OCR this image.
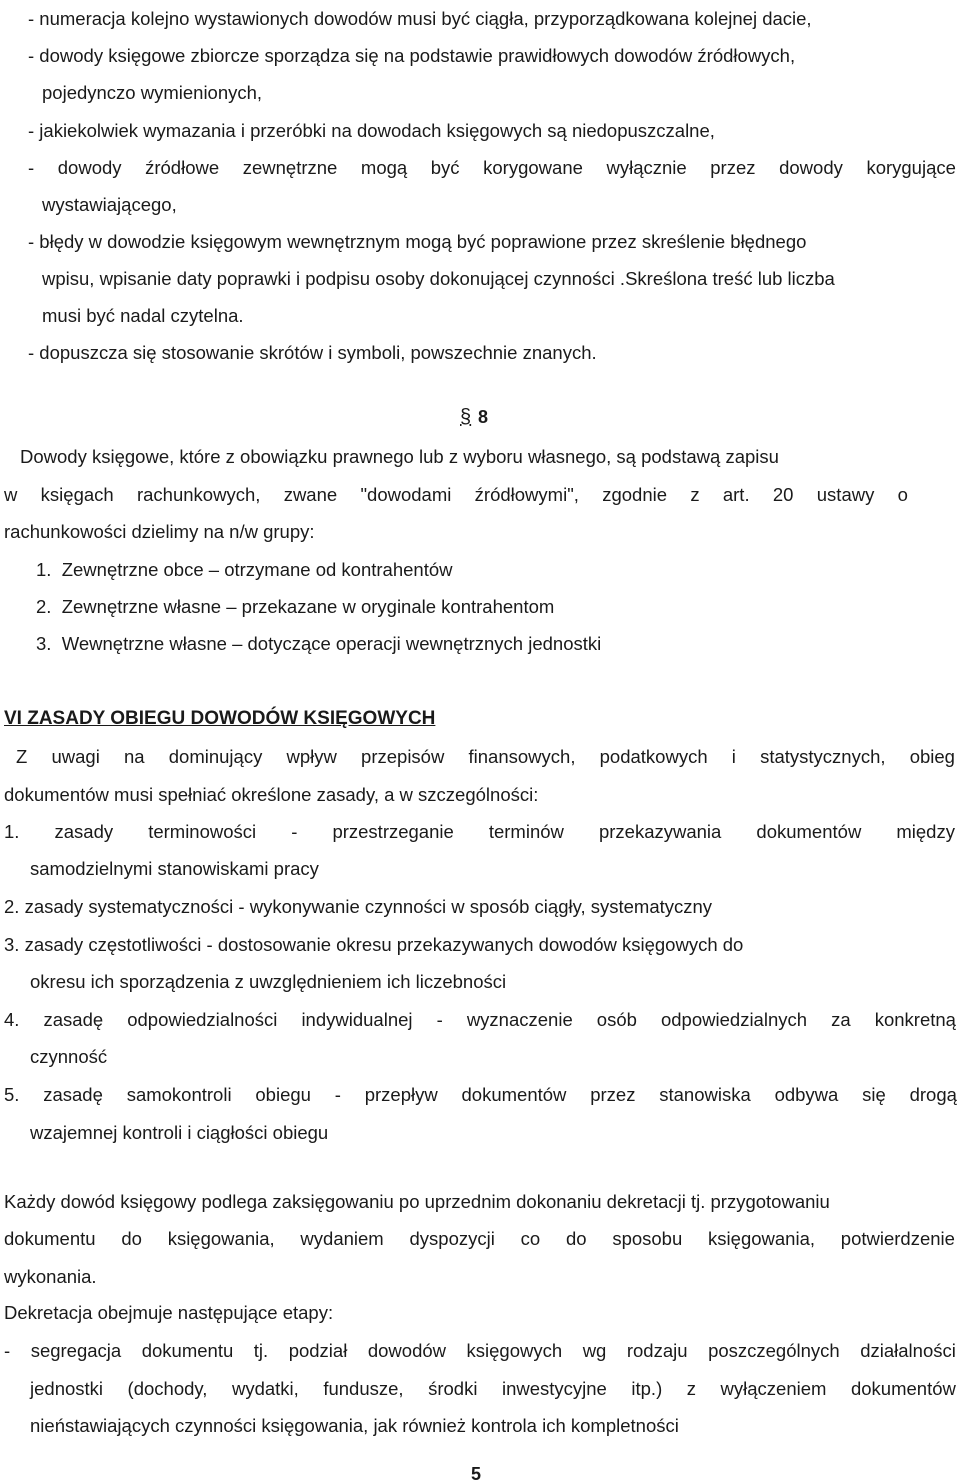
- numeracja kolejno wystawionych dowodów musi być ciągła, przyporządkowana kolejnej dacie,
- dowody księgowe zbiorcze sporządza się na podstawie prawidłowych dowodów źródłowych,
pojedynczo wymienionych,
- jakiekolwiek wymazania i przeróbki na dowodach księgowych są niedopuszczalne,
- dowody źródłowe zewnętrzne mogą być korygowane wyłącznie przez dowody korygujące
wystawiającego,
- błędy w dowodzie księgowym wewnętrznym mogą być poprawione przez skreślenie błędnego
wpisu, wpisanie daty poprawki i podpisu osoby dokonującej czynności .Skreślona treść lub liczba
musi być nadal czytelna.
- dopuszcza się stosowanie skrótów i symboli, powszechnie znanych.
§ 8
Dowody księgowe, które z obowiązku prawnego lub z wyboru własnego, są podstawą zapisu
w księgach rachunkowych, zwane "dowodami źródłowymi", zgodnie z art. 20 ustawy o
rachunkowości dzielimy na n/w grupy:
1. Zewnętrzne obce – otrzymane od kontrahentów
2. Zewnętrzne własne – przekazane w oryginale kontrahentom
3. Wewnętrzne własne – dotyczące operacji wewnętrznych jednostki
VI ZASADY OBIEGU DOWODÓW KSIĘGOWYCH
Z uwagi na dominujący wpływ przepisów finansowych, podatkowych i statystycznych, obieg
dokumentów musi spełniać określone zasady, a w szczególności:
1. zasady terminowości - przestrzeganie terminów przekazywania dokumentów między
samodzielnymi stanowiskami pracy
2. zasady systematyczności - wykonywanie czynności w sposób ciągły, systematyczny
3. zasady częstotliwości - dostosowanie okresu przekazywanych dowodów księgowych do
okresu ich sporządzenia z uwzględnieniem ich liczebności
4. zasadę odpowiedzialności indywidualnej - wyznaczenie osób odpowiedzialnych za konkretną
czynność
5. zasadę samokontroli obiegu - przepływ dokumentów przez stanowiska odbywa się drogą
wzajemnej kontroli i ciągłości obiegu
Każdy dowód księgowy podlega zaksięgowaniu po uprzednim dokonaniu dekretacji tj. przygotowaniu
dokumentu do księgowania, wydaniem dyspozycji co do sposobu księgowania, potwierdzenie
wykonania.
Dekretacja obejmuje następujące etapy:
- segregacja dokumentu tj. podział dowodów księgowych wg rodzaju poszczególnych działalności
jednostki (dochody, wydatki, fundusze, środki inwestycyjne itp.) z wyłączeniem dokumentów
nieństawiających czynności księgowania, jak również kontrola ich kompletności
5
